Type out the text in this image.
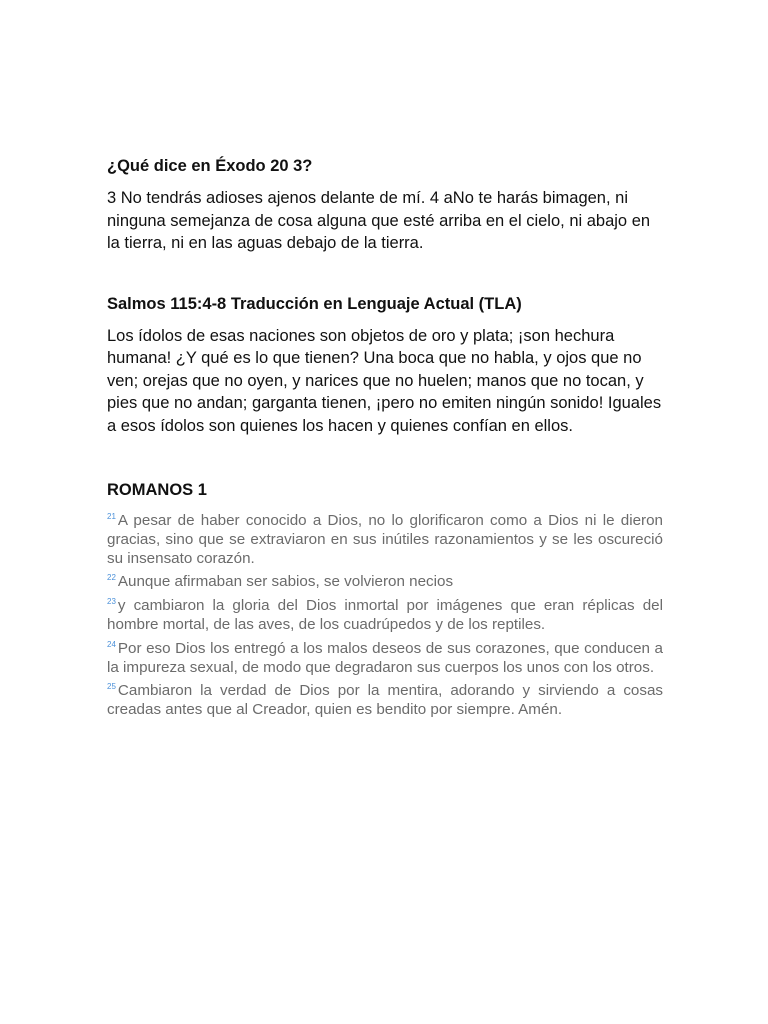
¿Qué dice en Éxodo 20 3?

3 No tendrás adioses ajenos delante de mí. 4 aNo te harás bimagen, ni ninguna semejanza de cosa alguna que esté arriba en el cielo, ni abajo en la tierra, ni en las aguas debajo de la tierra.

Salmos 115:4-8 Traducción en Lenguaje Actual (TLA)

Los ídolos de esas naciones son objetos de oro y plata; ¡son hechura humana! ¿Y qué es lo que tienen? Una boca que no habla, y ojos que no ven; orejas que no oyen, y narices que no huelen; manos que no tocan, y pies que no andan; garganta tienen, ¡pero no emiten ningún sonido! Iguales a esos ídolos son quienes los hacen y quienes confían en ellos.

ROMANOS 1

$^{21}$ A pesar de haber conocido a Dios, no lo glorificaron como a Dios ni le dieron gracias, sino que se extraviaron en sus inútiles razonamientos y se les oscureció su insensato corazón.

$^{22}$ Aunque afirmaban ser sabios, se volvieron necios

$^{23}$ y cambiaron la gloria del Dios inmortal por imágenes que eran réplicas del hombre mortal, de las aves, de los cuadrúpedos y de los reptiles.

$^{24}$ Por eso Dios los entregó a los malos deseos de sus corazones, que conducen a la impureza sexual, de modo que degradaron sus cuerpos los unos con los otros.

$^{25}$ Cambiaron la verdad de Dios por la mentira, adorando y sirviendo a cosas creadas antes que al Creador, quien es bendito por siempre. Amén.
